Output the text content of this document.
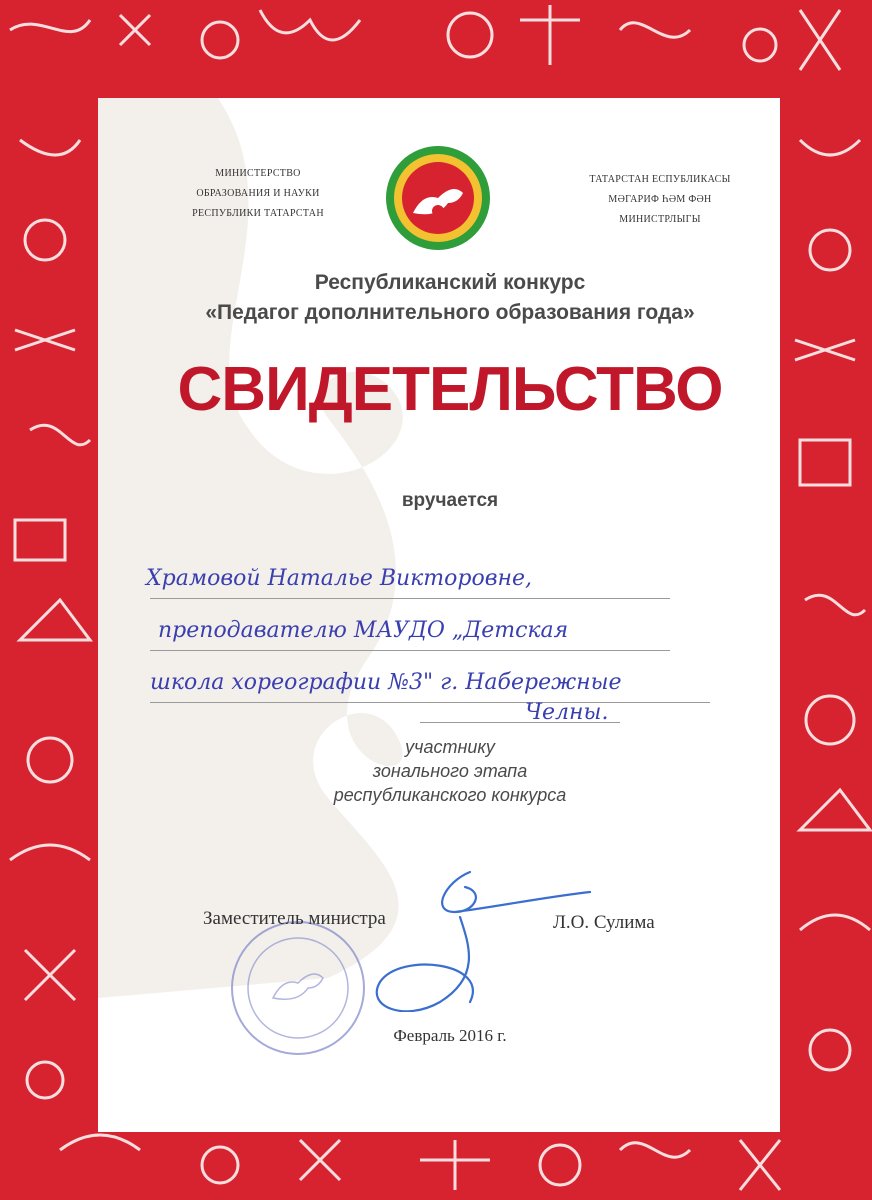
МИНИСТЕРСТВО
ОБРАЗОВАНИЯ И НАУКИ
РЕСПУБЛИКИ ТАТАРСТАН
ТАТАРСТАН ЕСПУБЛИКАСЫ
МӘГАРИФ ҺӘМ ФӘН
МИНИСТРЛЫГЫ
Республиканский конкурс
«Педагог дополнительного образования года»
СВИДЕТЕЛЬСТВО
вручается
Храмовой Наталье Викторовне,
преподавателю МАУДО „Детская
школа хореографии №3" г. Набережные
Челны.
участнику
зонального этапа
республиканского конкурса
Заместитель министра	Л.О. Сулима
Февраль 2016 г.
